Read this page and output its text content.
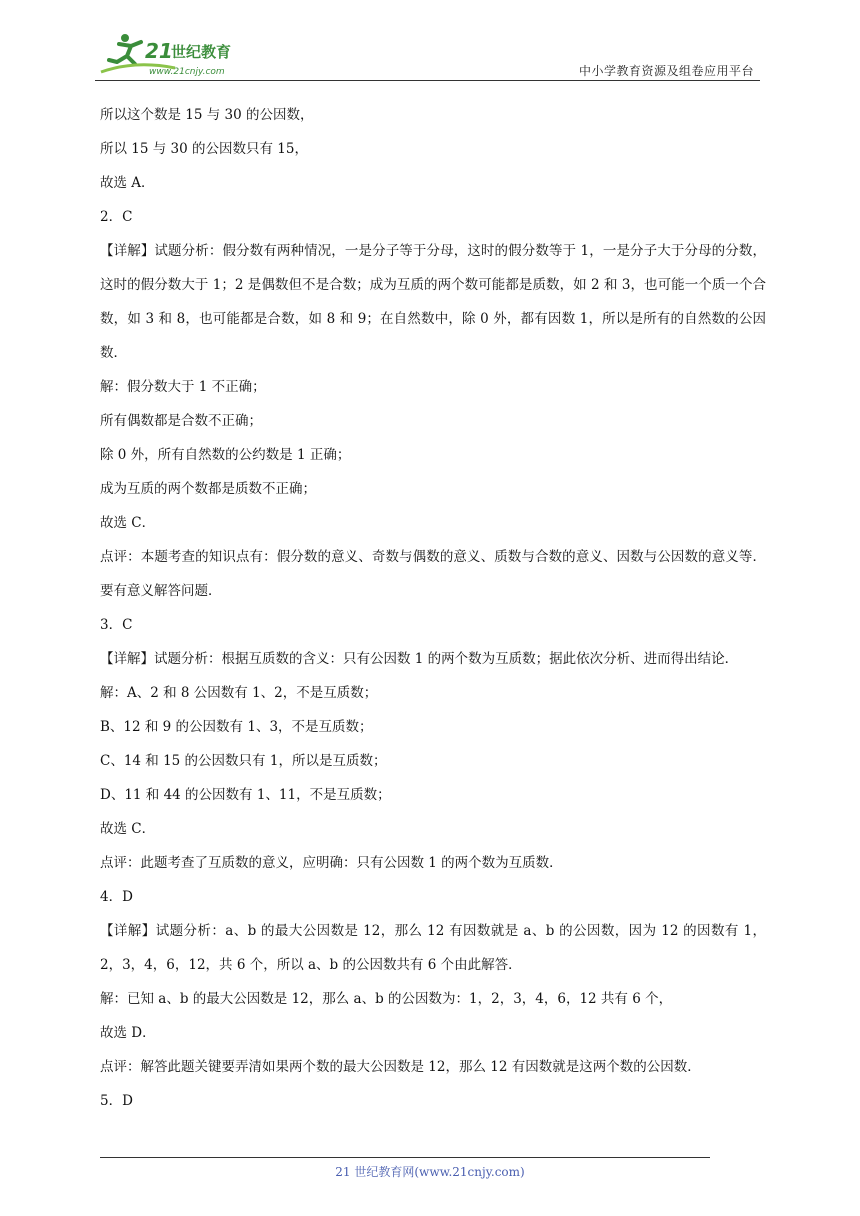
21
世纪教育
www.21cnjy.com	中小学教育资源及组卷应用平台

所以这个数是 15 与 30 的公因数，

所以 15 与 30 的公因数只有 15，

故选 A．

2．C

【详解】试题分析：假分数有两种情况，一是分子等于分母，这时的假分数等于 1，一是分子大于分母的分数，这时的假分数大于 1；2 是偶数但不是合数；成为互质的两个数可能都是质数，如 2 和 3，也可能一个质一个合数，如 3 和 8，也可能都是合数，如 8 和 9；在自然数中，除 0 外，都有因数 1，所以是所有的自然数的公因数．

解：假分数大于 1 不正确；

所有偶数都是合数不正确；

除 0 外，所有自然数的公约数是 1 正确；

成为互质的两个数都是质数不正确；

故选 C．

点评：本题考查的知识点有：假分数的意义、奇数与偶数的意义、质数与合数的意义、因数与公因数的意义等．要有意义解答问题．

3．C

【详解】试题分析：根据互质数的含义：只有公因数 1 的两个数为互质数；据此依次分析、进而得出结论．

解：A、2 和 8 公因数有 1、2，不是互质数；

B、12 和 9 的公因数有 1、3，不是互质数；

C、14 和 15 的公因数只有 1，所以是互质数；

D、11 和 44 的公因数有 1、11，不是互质数；

故选 C．

点评：此题考查了互质数的意义，应明确：只有公因数 1 的两个数为互质数．

4．D

【详解】试题分析：a、b 的最大公因数是 12，那么 12 有因数就是 a、b 的公因数，因为 12 的因数有 1，2，3，4，6，12，共 6 个，所以 a、b 的公因数共有 6 个由此解答．

解：已知 a、b 的最大公因数是 12，那么 a、b 的公因数为：1，2，3，4，6，12 共有 6 个，

故选 D．

点评：解答此题关键要弄清如果两个数的最大公因数是 12，那么 12 有因数就是这两个数的公因数．

5．D

21 世纪教育网(www.21cnjy.com)
